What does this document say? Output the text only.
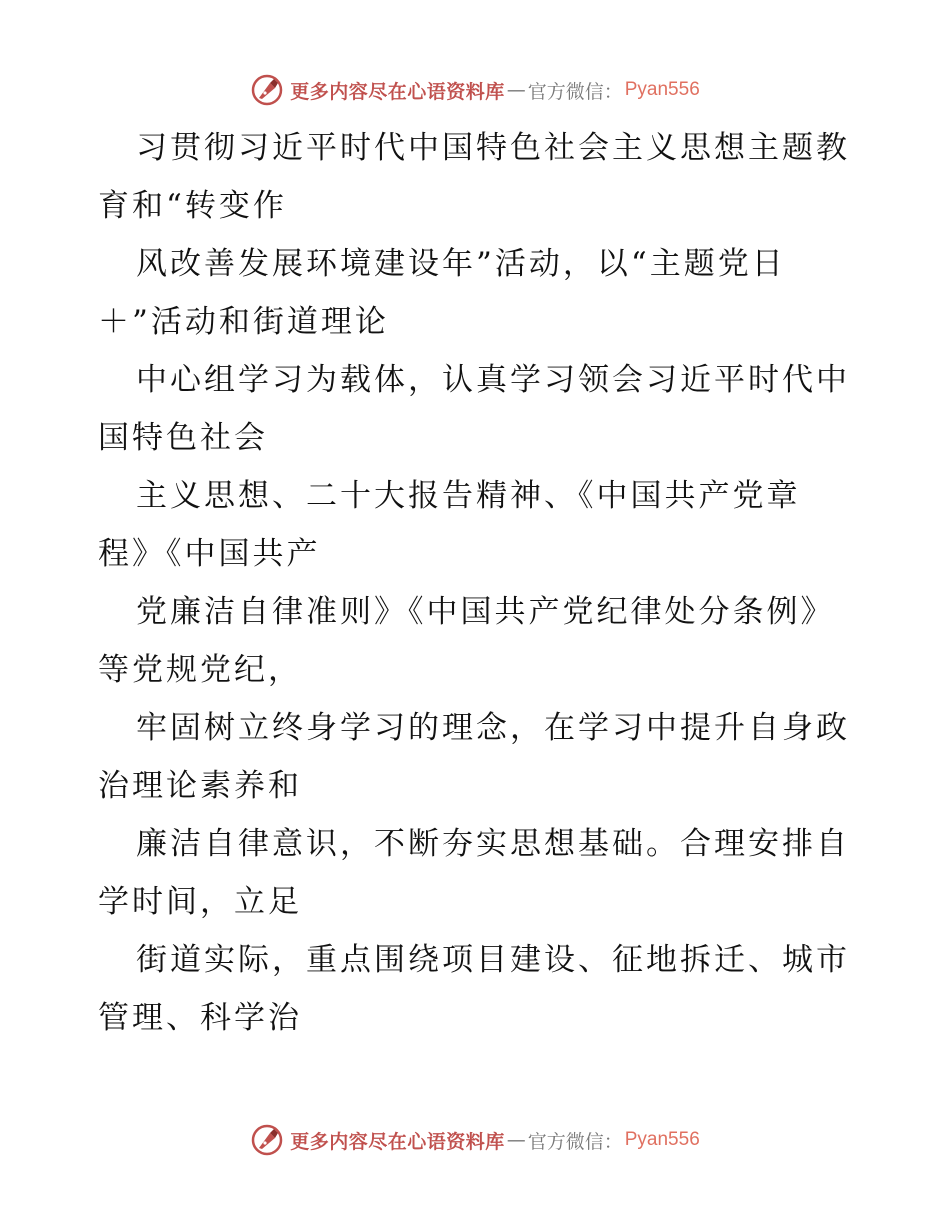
更多内容尽在心语资料库 — 官方微信： Pyan556
习贯彻习近平时代中国特色社会主义思想主题教
育和“转变作
风改善发展环境建设年”活动，以“主题党日
＋”活动和街道理论
中心组学习为载体，认真学习领会习近平时代中
国特色社会
主义思想、二十大报告精神、《中国共产党章
程》《中国共产
党廉洁自律准则》《中国共产党纪律处分条例》
等党规党纪，
牢固树立终身学习的理念，在学习中提升自身政
治理论素养和
廉洁自律意识，不断夯实思想基础。合理安排自
学时间，立足
街道实际，重点围绕项目建设、征地拆迁、城市
管理、科学治
更多内容尽在心语资料库 — 官方微信： Pyan556
